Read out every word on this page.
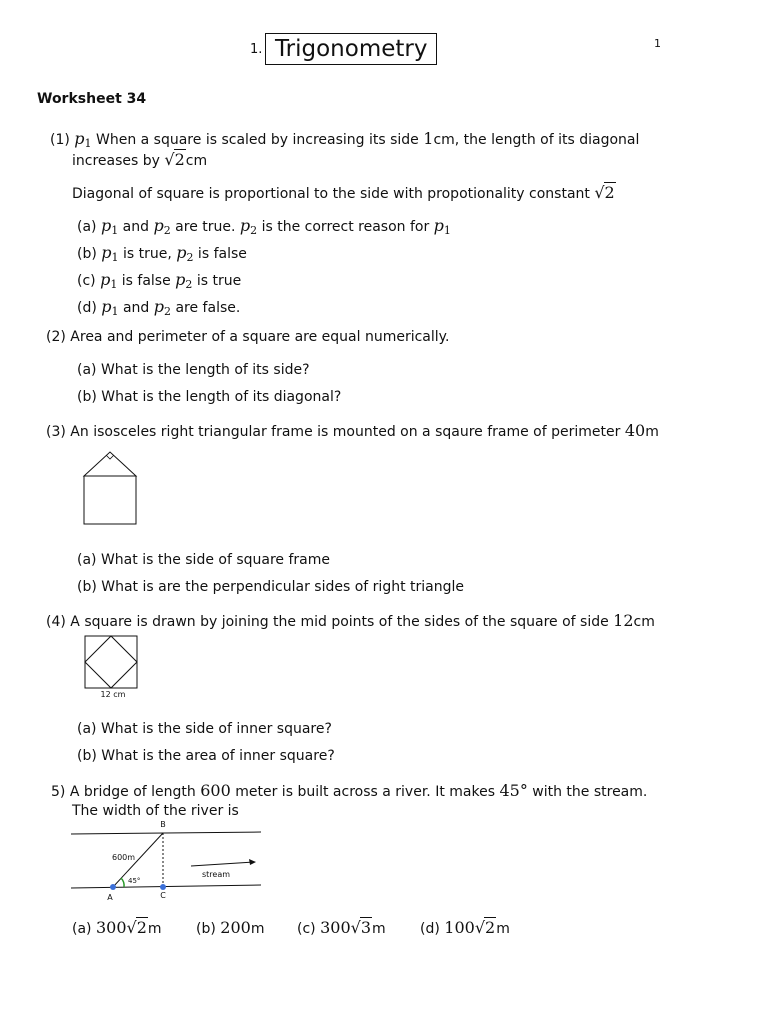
1. Trigonometry	1
Worksheet 34
(1) $p_1$ When a square is scaled by increasing its side 1cm, the length of its diagonal
increases by √2cm
Diagonal of square is proportional to the side with propotionality constant √2
(a) $p_1$ and $p_2$ are true. $p_2$ is the correct reason for $p_1$
(b) $p_1$ is true, $p_2$ is false
(c) $p_1$ is false $p_2$ is true
(d) $p_1$ and $p_2$ are false.
(2) Area and perimeter of a square are equal numerically.
(a) What is the length of its side?
(b) What is the length of its diagonal?
(3) An isosceles right triangular frame is mounted on a sqaure frame of perimeter 40m
(a) What is the side of square frame
(b) What is are the perpendicular sides of right triangle
(4) A square is drawn by joining the mid points of the sides of the square of side 12cm
12 cm
(a) What is the side of inner square?
(b) What is the area of inner square?
5) A bridge of length 600 meter is built across a river. It makes 45° with the stream.
The width of the river is
B
A	C
600m
45°
stream
(a) 300√2m (b) 200m (c) 300√3m (d) 100√2m
